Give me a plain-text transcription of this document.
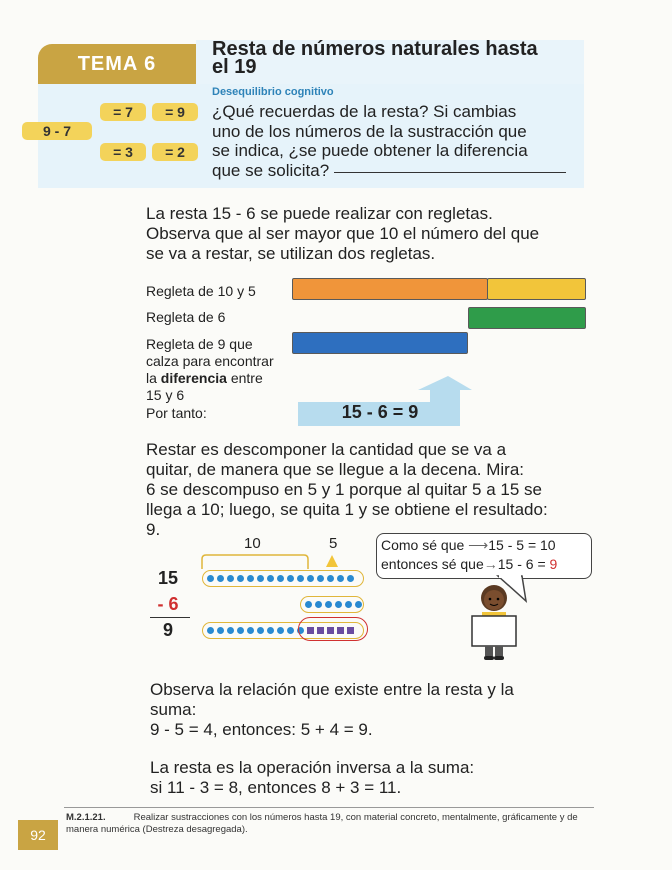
TEMA 6
Resta de números naturales hasta
el 19
Desequilibrio cognitivo
9 - 7
= 7	= 9
= 3	= 2
¿Qué recuerdas de la resta? Si cambias
uno de los números de la sustracción que
se indica, ¿se puede obtener la diferencia
que se solicita?
La resta 15 - 6 se puede realizar con regletas.
Observa que al ser mayor que 10 el número del que
se va a restar, se utilizan dos regletas.
Regleta de 10 y 5
Regleta de 6
Regleta de 9 que
calza para encontrar
la diferencia entre
15 y 6
Por tanto:	15 - 6 = 9
Restar es descomponer la cantidad que se va a
quitar, de manera que se llegue a la decena. Mira:
6 se descompuso en 5 y 1 porque al quitar 5 a 15 se
llega a 10; luego, se quita 1 y se obtiene el resultado:
9.
10	5
15
- 6
9
Como sé que ⟶15 - 5 = 10
entonces sé que→15 - 6 = 9
Observa la relación que existe entre la resta y la
suma:
9 - 5 = 4, entonces: 5 + 4 = 9.
La resta es la operación inversa a la suma:
si 11 - 3 = 8, entonces 8 + 3 = 11.
92
M.2.1.21.	Realizar sustracciones con los números hasta 19, con material concreto, mentalmente, gráficamente y de
manera numérica (Destreza desagregada).
